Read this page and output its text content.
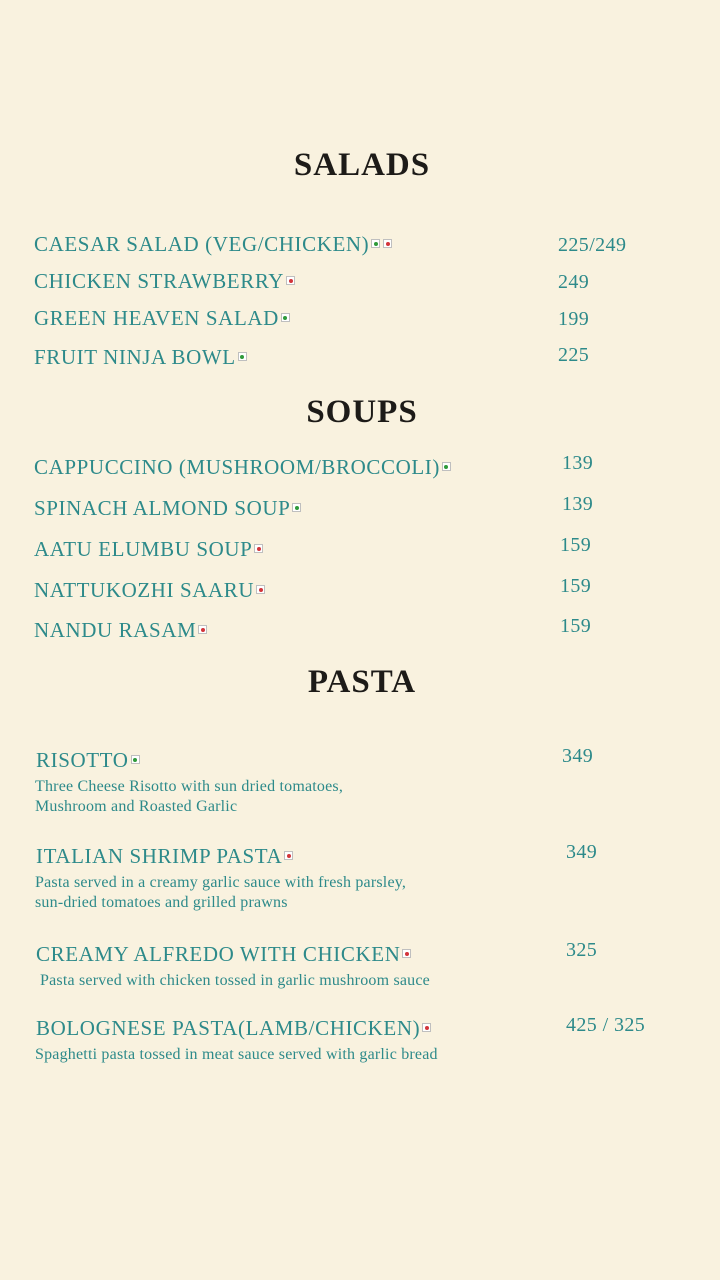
SALADS
CAESAR SALAD (VEG/CHICKEN)	225/249
CHICKEN STRAWBERRY	249
GREEN HEAVEN SALAD	199
FRUIT NINJA BOWL	225
SOUPS
CAPPUCCINO (MUSHROOM/BROCCOLI)	139
SPINACH ALMOND SOUP	139
AATU ELUMBU SOUP	159
NATTUKOZHI SAARU	159
NANDU RASAM	159
PASTA
RISOTTO	349
Three Cheese Risotto with sun dried tomatoes,
Mushroom and Roasted Garlic
ITALIAN SHRIMP PASTA	349
Pasta served in a creamy garlic sauce with fresh parsley,
sun-dried tomatoes and grilled prawns
CREAMY ALFREDO WITH CHICKEN	325
Pasta served with chicken tossed in garlic mushroom sauce
BOLOGNESE PASTA(LAMB/CHICKEN)	425 / 325
Spaghetti pasta tossed in meat sauce served with garlic bread
